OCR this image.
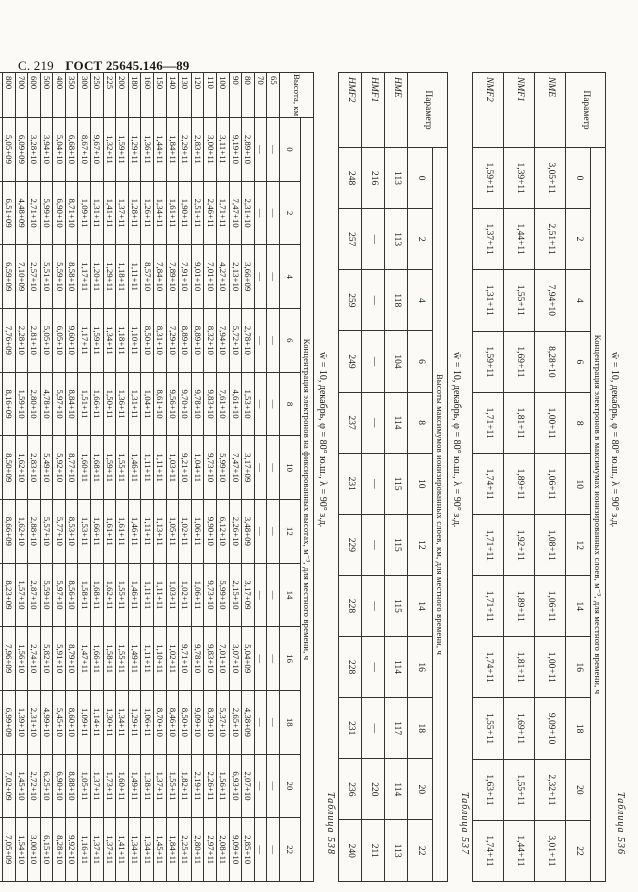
С. 219 ГОСТ 25645.146—89
Таблица 536
w̄ = 10, декабрь, φ = 80° ю.ш., λ = 90° з.д.
Параметр	Концентрация электронов в максимумах ионизированных слоев, м⁻³, для местного времени, ч											
	0	2	4	6	8	10	12	14	16	18	20	22
NME	3,05+11	2,51+11	7,94+10	8,28+10	1,00+11	1,06+11	1,08+11	1,06+11	1,00+11	9,09+10	2,32+11	3,01+11
NMF1	1,39+11	1,44+11	1,55+11	1,69+11	1,81+11	1,89+11	1,92+11	1,89+11	1,81+11	1,69+11	1,55+11	1,44+11
NMF2	1,59+11	1,37+11	1,31+11	1,59+11	1,71+11	1,74+11	1,71+11	1,71+11	1,74+11	1,55+11	1,63+11	1,74+11
Таблица 537
w̄ = 10, декабрь, φ = 80° ю.ш., λ = 90° з.д.
Параметр	Высоты максимумов ионизированных слоев, км, для местного времени, ч											
	0	2	4	6	8	10	12	14	16	18	20	22
HME	113	113	118	104	114	115	115	115	114	117	114	113
HMF1	216	—	—	—	—	—	—	—	—	—	220	211
HMF2	248	257	259	249	237	231	229	228	228	231	236	240
Таблица 538
w̄ = 10, декабрь, φ = 80° ю.ш., λ = 90° з.д.
Высота, км	Концентрация электронов на фиксированных высотах, м⁻³, для местного времени, ч											
	0	2	4	6	8	10	12	14	16	18	20	22
65	—	—	—	—	—	—	—	—	—	—	—	—
70	—	—	—	—	—	—	—	—	—	—	—	—
80	2,89+10	2,31+10	3,66+09	2,78+10	1,53+10	3,17+09	3,48+09	3,17+09	5,04+09	4,38+09	2,07+10	2,85+10
90	9,19+10	7,47+10	2,13+10	5,72+10	4,61+10	7,47+10	2,26+10	2,15+10	3,07+10	2,65+10	6,93+10	9,09+10
100	3,11+11	1,71+11	4,27+10	7,94+10	7,61+10	5,99+10	6,12+10	5,99+10	7,01+10	5,37+10	1,56+11	2,08+11
110	3,00+11	2,46+11	7,01+10	8,32+10	9,83+10	9,73+10	9,90+10	9,73+10	9,83+10	8,39+10	2,26+11	2,97+11
120	2,83+11	2,51+11	9,01+10	8,89+10	9,78+10	1,04+11	1,06+11	1,06+11	9,78+10	9,09+10	2,19+11	2,80+11
130	2,29+11	1,90+11	7,91+10	8,89+10	9,70+10	9,21+10	1,02+11	1,02+11	9,71+10	8,50+10	1,82+11	2,25+11
140	1,84+11	1,61+11	7,89+10	7,29+10	9,56+10	1,03+11	1,05+11	1,03+11	1,02+11	8,46+10	1,55+11	1,84+11
150	1,44+11	1,34+11	7,84+10	8,31+10	8,61+10	1,11+11	1,13+11	1,11+11	1,10+11	8,70+10	1,37+11	1,45+11
160	1,36+11	1,26+11	8,57+10	8,50+10	1,04+11	1,11+11	1,11+11	1,11+11	1,11+11	1,06+11	1,38+11	1,34+11
180	1,29+11	1,28+11	1,11+11	1,10+11	1,31+11	1,46+11	1,46+11	1,46+11	1,49+11	1,29+11	1,49+11	1,34+11
200	1,59+11	1,37+11	1,18+11	1,18+11	1,36+11	1,55+11	1,61+11	1,55+11	1,55+11	1,34+11	1,60+11	1,41+11
225	1,32+11	1,41+11	1,29+11	1,34+11	1,50+11	1,59+11	1,61+11	1,62+11	1,58+11	1,30+11	1,73+11	1,37+11
250	9,67+10	1,31+11	1,20+11	1,59+11	1,66+11	1,68+11	1,66+11	1,68+11	1,66+11	1,14+11	1,37+11	1,37+11
300	8,67+10	1,09+11	1,17+11	1,17+11	1,51+11	1,60+11	1,53+11	1,58+11	1,47+11	1,09+11	1,05+11	1,16+11
350	6,68+10	8,71+10	8,58+10	9,60+10	8,84+10	8,77+10	8,53+10	8,56+10	8,79+10	8,60+10	8,88+10	9,92+10
400	5,04+10	6,90+10	5,59+10	6,05+10	5,97+10	5,92+10	5,77+10	5,97+10	5,91+10	5,45+10	6,90+10	8,28+10
500	3,94+10	5,99+10	5,51+10	5,05+10	4,78+10	5,49+10	5,57+10	5,59+10	5,82+10	4,99+10	6,25+10	6,15+10
600	3,28+10	2,71+10	2,57+10	2,81+10	2,80+10	2,83+10	2,88+10	2,87+10	2,74+10	2,31+10	2,72+10	3,00+10
700	6,09+09	4,48+09	7,10+09	2,28+10	1,59+10	1,62+10	1,62+10	1,57+10	1,56+10	1,39+10	1,45+10	1,54+10
800	5,05+09	6,51+09	6,59+09	7,76+09	8,16+09	8,50+09	8,66+09	8,23+09	7,96+09	6,99+09	7,02+09	7,05+09
